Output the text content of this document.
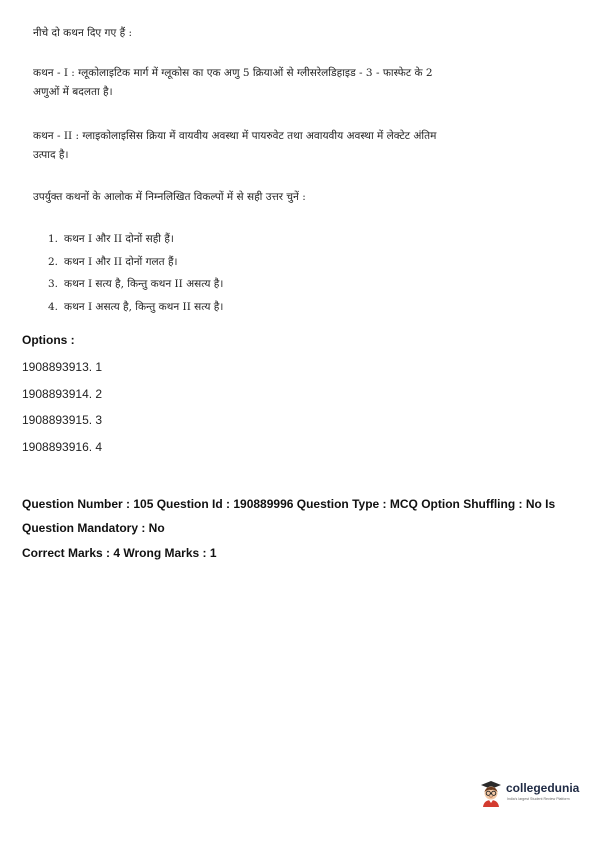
नीचे दो कथन दिए गए हैं :
कथन - I : ग्लूकोलाइटिक मार्ग में ग्लूकोस का एक अणु 5 क्रियाओं से ग्लीसरेलडिहाइड - 3 - फास्फेट के 2 अणुओं में बदलता है।
कथन - II : ग्लाइकोलाइसिस क्रिया में वायवीय अवस्था में पायरुवेट तथा अवायवीय अवस्था में लेक्टेट अंतिम उत्पाद है।
उपर्युक्त कथनों के आलोक में निम्नलिखित विकल्पों में से सही उत्तर चुनें :
1. कथन I और II दोनों सही हैं।
2. कथन I और II दोनों गलत हैं।
3. कथन I सत्य है, किन्तु कथन II असत्य है।
4. कथन I असत्य है, किन्तु कथन II सत्य है।
Options :
1908893913. 1
1908893914. 2
1908893915. 3
1908893916. 4
Question Number : 105 Question Id : 190889996 Question Type : MCQ Option Shuffling : No Is
Question Mandatory : No
Correct Marks : 4 Wrong Marks : 1
collegedunia
India's largest Student Review Platform
